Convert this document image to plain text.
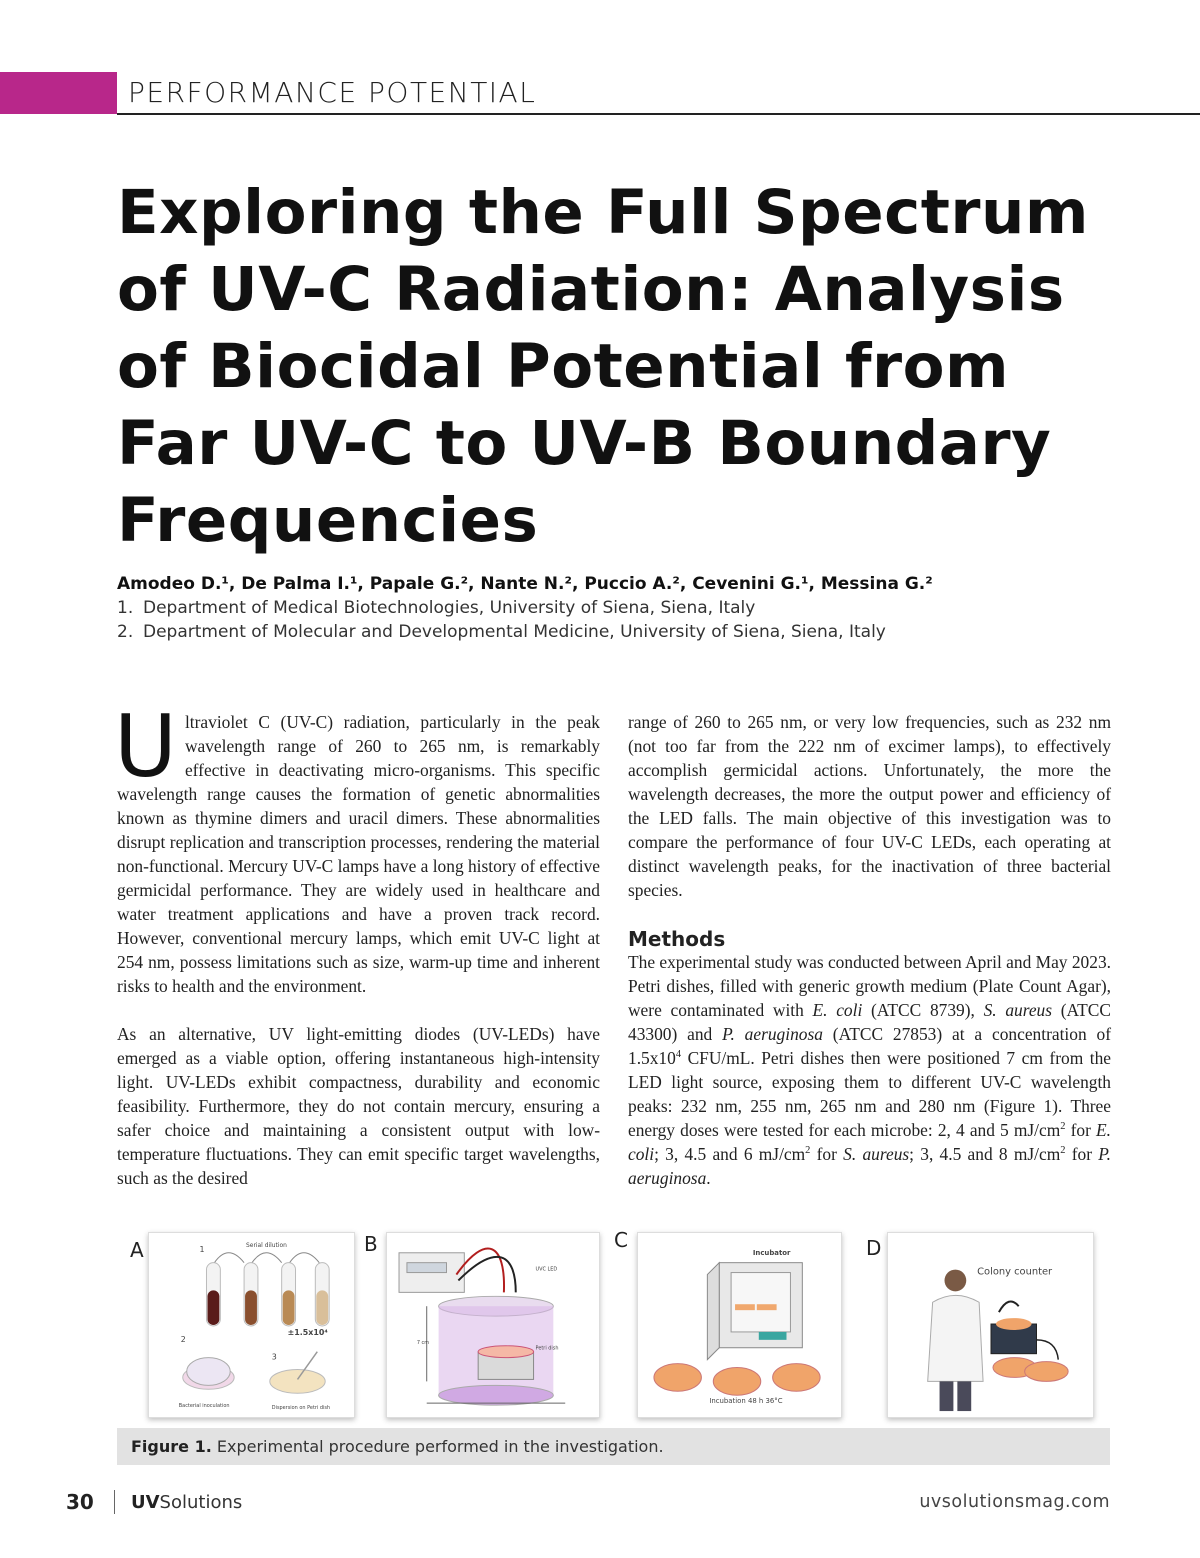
PERFORMANCE POTENTIAL
Exploring the Full Spectrum of UV-C Radiation: Analysis of Biocidal Potential from Far UV-C to UV-B Boundary Frequencies
Amodeo D.¹, De Palma I.¹, Papale G.², Nante N.², Puccio A.², Cevenini G.¹, Messina G.²
1. Department of Medical Biotechnologies, University of Siena, Siena, Italy
2. Department of Molecular and Developmental Medicine, University of Siena, Siena, Italy

Ultraviolet C (UV-C) radiation, particularly in the peak wavelength range of 260 to 265 nm, is remarkably effective in deactivating micro-organisms. This specific wavelength range causes the formation of genetic abnormalities known as thymine dimers and uracil dimers. These abnormalities disrupt replication and transcription processes, rendering the material non-functional. Mercury UV-C lamps have a long history of effective germicidal performance. They are widely used in healthcare and water treatment applications and have a proven track record. However, conventional mercury lamps, which emit UV-C light at 254 nm, possess limitations such as size, warm-up time and inherent risks to health and the environment.

As an alternative, UV light-emitting diodes (UV-LEDs) have emerged as a viable option, offering instantaneous high-intensity light. UV-LEDs exhibit compactness, durability and economic feasibility. Furthermore, they do not contain mercury, ensuring a safer choice and maintaining a consistent output with low-temperature fluctuations. They can emit specific target wavelengths, such as the desired

range of 260 to 265 nm, or very low frequencies, such as 232 nm (not too far from the 222 nm of excimer lamps), to effectively accomplish germicidal actions. Unfortunately, the more the wavelength decreases, the more the output power and efficiency of the LED falls. The main objective of this investigation was to compare the performance of four UV-C LEDs, each operating at distinct wavelength peaks, for the inactivation of three bacterial species.

Methods

The experimental study was conducted between April and May 2023. Petri dishes, filled with generic growth medium (Plate Count Agar), were contaminated with E. coli (ATCC 8739), S. aureus (ATCC 43300) and P. aeruginosa (ATCC 27853) at a concentration of $1.5x10^4$ CFU/mL. Petri dishes then were positioned 7 cm from the LED light source, exposing them to different UV-C wavelength peaks: 232 nm, 255 nm, 265 nm and 280 nm (Figure 1). Three energy doses were tested for each microbe: 2, 4 and 5 $mJ/cm^2$ for E. coli; 3, 4.5 and 6 $mJ/cm^2$ for S. aureus; 3, 4.5 and 8 $mJ/cm^2$ for P. aeruginosa.

A	B	C	D
Serial dilution
1
±1.5x10⁴
2
3
Bacterial inoculation	Dispersion on Petri dish
UVC LED
7 cm
Petri dish
Incubator
Incubation 48 h 36°C
Colony counter
Figure 1. Experimental procedure performed in the investigation.
30 UVSolutions	uvsolutionsmag.com
